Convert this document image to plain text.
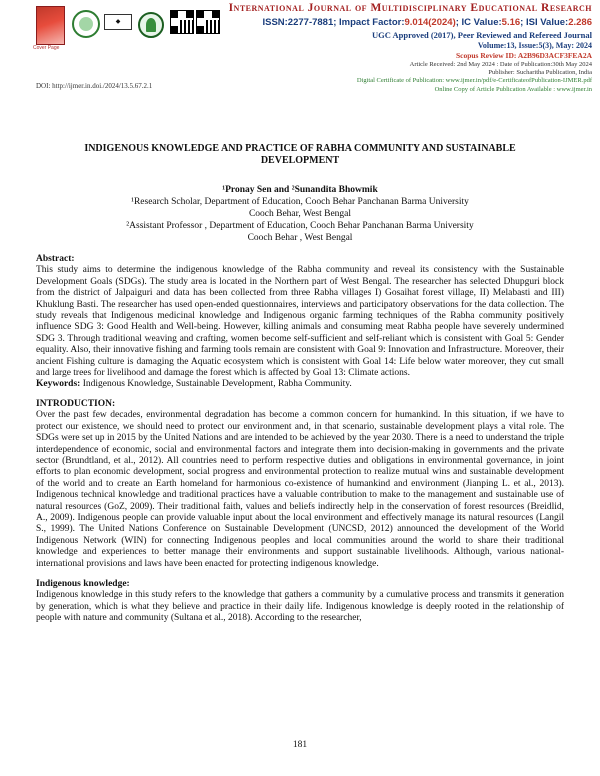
Cover Page
◆
International Journal of Multidisciplinary Educational Research
ISSN:2277-7881; Impact Factor:9.014(2024); IC Value:5.16; ISI Value:2.286
UGC Approved (2017), Peer Reviewed and Refereed Journal
Volume:13, Issue:5(3), May: 2024
Scopus Review ID: A2B96D3ACF3FEA2A
Article Received: 2nd May 2024 : Date of Publication:30th May 2024
Publisher: Sucharitha Publication, India
Digital Certificate of Publication: www.ijmer.in/pdf/e-CertificateofPublication-IJMER.pdf
Online Copy of Article Publication Available : www.ijmer.in
DOI: http://ijmer.in.doi./2024/13.5.67.2.1
INDIGENOUS KNOWLEDGE AND PRACTICE OF RABHA COMMUNITY AND SUSTAINABLE DEVELOPMENT
¹Pronay Sen and ²Sunandita Bhowmik
¹Research Scholar, Department of Education, Cooch Behar Panchanan Barma University
Cooch Behar, West Bengal
²Assistant Professor , Department of Education, Cooch Behar Panchanan Barma University
Cooch Behar , West Bengal

Abstract:

This study aims to determine the indigenous knowledge of the Rabha community and reveal its consistency with the Sustainable Development Goals (SDGs). The study area is located in the Northern part of West Bengal. The researcher has selected Dhupguri block from the district of Jalpaiguri and data has been collected from three Rabha villages I) Gosaihat forest village, II) Melabasti and III) Khuklung Basti. The researcher has used open-ended questionnaires, interviews and participatory observations for the data collection. The study reveals that Indigenous medicinal knowledge and Indigenous organic farming techniques of the Rabha community positively influence SDG 3: Good Health and Well-being. However, killing animals and consuming meat Rabha people have severely undermined SDG 3. Through traditional weaving and crafting, women become self-sufficient and self-reliant which is consistent with Goal 5: Gender equality. Also, their innovative fishing and farming tools remain are consistent with Goal 9: Innovation and Infrastructure. Moreover, their ancient Fishing culture is damaging the Aquatic ecosystem which is consistent with Goal 14: Life below water moreover, they cut small and large trees for livelihood and damage the forest which is affected by Goal 13: Climate actions.

Keywords: Indigenous Knowledge, Sustainable Development, Rabha Community.

INTRODUCTION:

Over the past few decades, environmental degradation has become a common concern for humankind. In this situation, if we have to protect our existence, we should need to protect our environment and, in that scenario, sustainable development plays a vital role. The SDGs were set up in 2015 by the United Nations and are intended to be achieved by the year 2030. There is a need to understand the triple interdependence of economic, social and environmental factors and integrate them into decision-making in governments and the private sector (Brundtland, et al., 2012). All countries need to perform respective duties and obligations in environmental governance, in joint efforts to plan economic development, social progress and environmental protection to realize mutual wins and sustainable development of the world and to create an Earth homeland for harmonious co-existence of humankind and environment (Jianping L. et al., 2013). Indigenous technical knowledge and traditional practices have a valuable contribution to make to the management and sustainable use of natural resources (GoZ, 2009). Their traditional faith, values and beliefs indirectly help in the conservation of forest resources (Breidlid, A., 2009). Indigenous people can provide valuable input about the local environment and effectively manage its natural resources (Langil S., 1999). The United Nations Conference on Sustainable Development (UNCSD, 2012) announced the development of the World Indigenous Network (WIN) for connecting Indigenous peoples and local communities around the world to share their traditional knowledge and experiences to better manage their environments and support sustainable livelihoods. Although, various national-international provisions and laws have been enacted for protecting indigenous knowledge.

Indigenous knowledge:

Indigenous knowledge in this study refers to the knowledge that gathers a community by a cumulative process and transmits it generation by generation, which is what they believe and practice in their daily life. Indigenous knowledge is deeply rooted in the relationship of people with nature and community (Sultana et al., 2018). According to the researcher,

181
